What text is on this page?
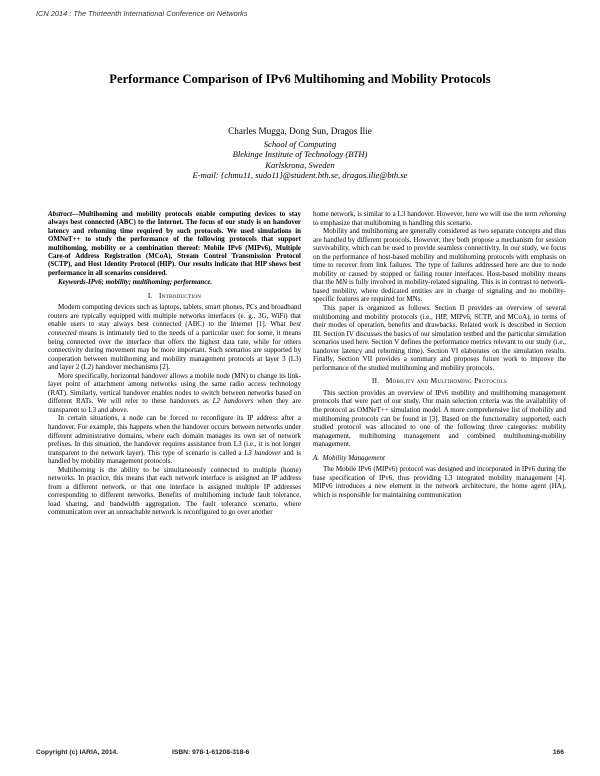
ICN 2014 : The Thirteenth International Conference on Networks
Performance Comparison of IPv6 Multihoming and Mobility Protocols
Charles Mugga, Dong Sun, Dragos Ilie
School of Computing
Blekinge Institute of Technology (BTH)
Karlskrona, Sweden
E-mail: {chmu11, sudo11}@student.bth.se, dragos.ilie@bth.se

Abstract—Multihoming and mobility protocols enable computing devices to stay always best connected (ABC) to the Internet. The focus of our study is on handover latency and rehoming time required by such protocols. We used simulations in OMNeT++ to study the performance of the following protocols that support multihoming, mobility or a combination thereof: Mobile IPv6 (MIPv6), Multiple Care-of Address Registration (MCoA), Stream Control Transmission Protocol (SCTP), and Host Identity Protocol (HIP). Our results indicate that HIP shows best performance in all scenarios considered.

Keywords-IPv6; mobility; multihoming; performance.

I. Introduction

Modern computing devices such as laptops, tablets, smart phones, PCs and broadband routers are typically equipped with multiple networks interfaces (e. g., 3G, WiFi) that enable users to stay always best connected (ABC) to the Internet [1]. What best connected means is intimately tied to the needs of a particular user: for some, it means being connected over the interface that offers the highest data rate, while for others connectivity during movement may be more important. Such scenarios are supported by cooperation between multihoming and mobility management protocols at layer 3 (L3) and layer 2 (L2) handover mechanisms [2].

More specifically, horizontal handover allows a mobile node (MN) to change its link-layer point of attachment among networks using the same radio access technology (RAT). Similarly, vertical handover enables nodes to switch between networks based on different RATs. We will refer to these handovers as L2 handovers when they are transparent to L3 and above.

In certain situations, a node can be forced to reconfigure its IP address after a handover. For example, this happens when the handover occurs between networks under different administrative domains, where each domain manages its own set of network prefixes. In this situation, the handover requires assistance from L3 (i.e., it is not longer transparent to the network layer). This type of scenario is called a L3 handover and is handled by mobility management protocols.

Multihoming is the ability to be simultaneously connected to multiple (home) networks. In practice, this means that each network interface is assigned an IP address from a different network, or that one interface is assigned multiple IP addresses corresponding to different networks. Benefits of multihoming include fault tolerance, load sharing, and bandwidth aggregation. The fault tolerance scenario, where communication over an unreachable network is reconfigured to go over another

home network, is similar to a L3 handover. However, here we will use the term rehoming to emphasize that multihoming is handling this scenario.

Mobility and multihoming are generally considered as two separate concepts and thus are handled by different protocols. However, they both propose a mechanism for session survivability, which can be used to provide seamless connectivity. In our study, we focus on the performance of host-based mobility and multihoming protocols with emphasis on time to recover from link failures. The type of failures addressed here are due to node mobility or caused by stopped or failing router interfaces. Host-based mobility means that the MN is fully involved in mobility-related signaling. This is in contrast to network-based mobility, where dedicated entities are in charge of signaling and no mobility-specific features are required for MNs.

This paper is organized as follows. Section II provides an overview of several multihoming and mobility protocols (i.e., HIP, MIPv6, SCTP, and MCoA), in terms of their modes of operation, benefits and drawbacks. Related work is described in Section III. Section IV discusses the basics of our simulation testbed and the particular simulation scenarios used here. Section V defines the performance metrics relevant to our study (i.e., handover latency and rehoming time). Section VI elaborates on the simulation results. Finally, Section VII provides a summary and proposes future work to improve the performance of the studied multihoming and mobility protocols.

II. Mobility and Multihoming Protocols

This section provides an overview of IPv6 mobility and multihoming management protocols that were part of our study. Our main selection criteria was the availability of the protocol as OMNeT++ simulation model. A more comprehensive list of mobility and multihoming protocols can be found in [3]. Based on the functionality supported, each studied protocol was allocated to one of the following three categories: mobility management, multihoming management and combined multihoming-mobility management.

A.  Mobility Management

The Mobile IPv6 (MIPv6) protocol was designed and incorporated in IPv6 during the base specification of IPv6, thus providing L3 integrated mobility management [4]. MIPv6 introduces a new element in the network architecture, the home agent (HA), which is responsible for maintaining communication

Copyright (c) IARIA, 2014.	ISBN: 978-1-61208-318-6	166
